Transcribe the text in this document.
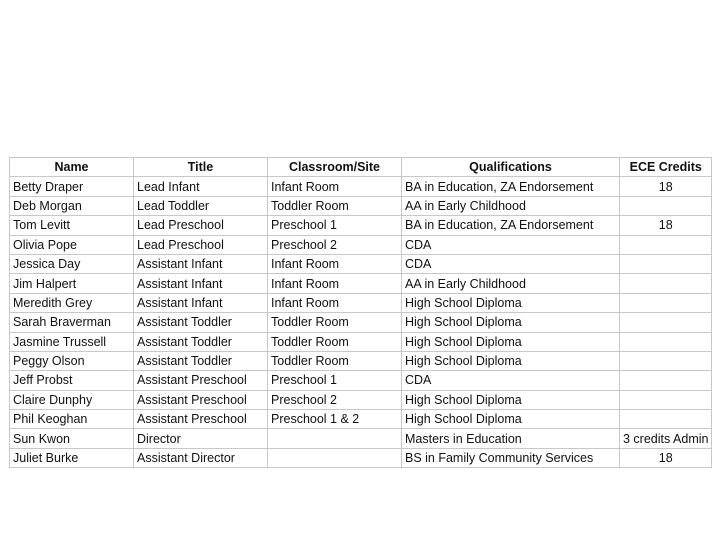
Name	Title	Classroom/Site	Qualifications	ECE Credits
Betty Draper	Lead Infant	Infant Room	BA in Education, ZA Endorsement	18
Deb Morgan	Lead Toddler	Toddler Room	AA in Early Childhood	
Tom Levitt	Lead Preschool	Preschool 1	BA in Education, ZA Endorsement	18
Olivia Pope	Lead Preschool	Preschool 2	CDA	
Jessica Day	Assistant Infant	Infant Room	CDA	
Jim Halpert	Assistant Infant	Infant Room	AA in Early Childhood	
Meredith Grey	Assistant Infant	Infant Room	High School Diploma	
Sarah Braverman	Assistant Toddler	Toddler Room	High School Diploma	
Jasmine Trussell	Assistant Toddler	Toddler Room	High School Diploma	
Peggy Olson	Assistant Toddler	Toddler Room	High School Diploma	
Jeff Probst	Assistant Preschool	Preschool 1	CDA	
Claire Dunphy	Assistant Preschool	Preschool 2	High School Diploma	
Phil Keoghan	Assistant Preschool	Preschool 1 & 2	High School Diploma	
Sun Kwon	Director		Masters in Education	3 credits Admin
Juliet Burke	Assistant Director		BS in Family Community Services	18
